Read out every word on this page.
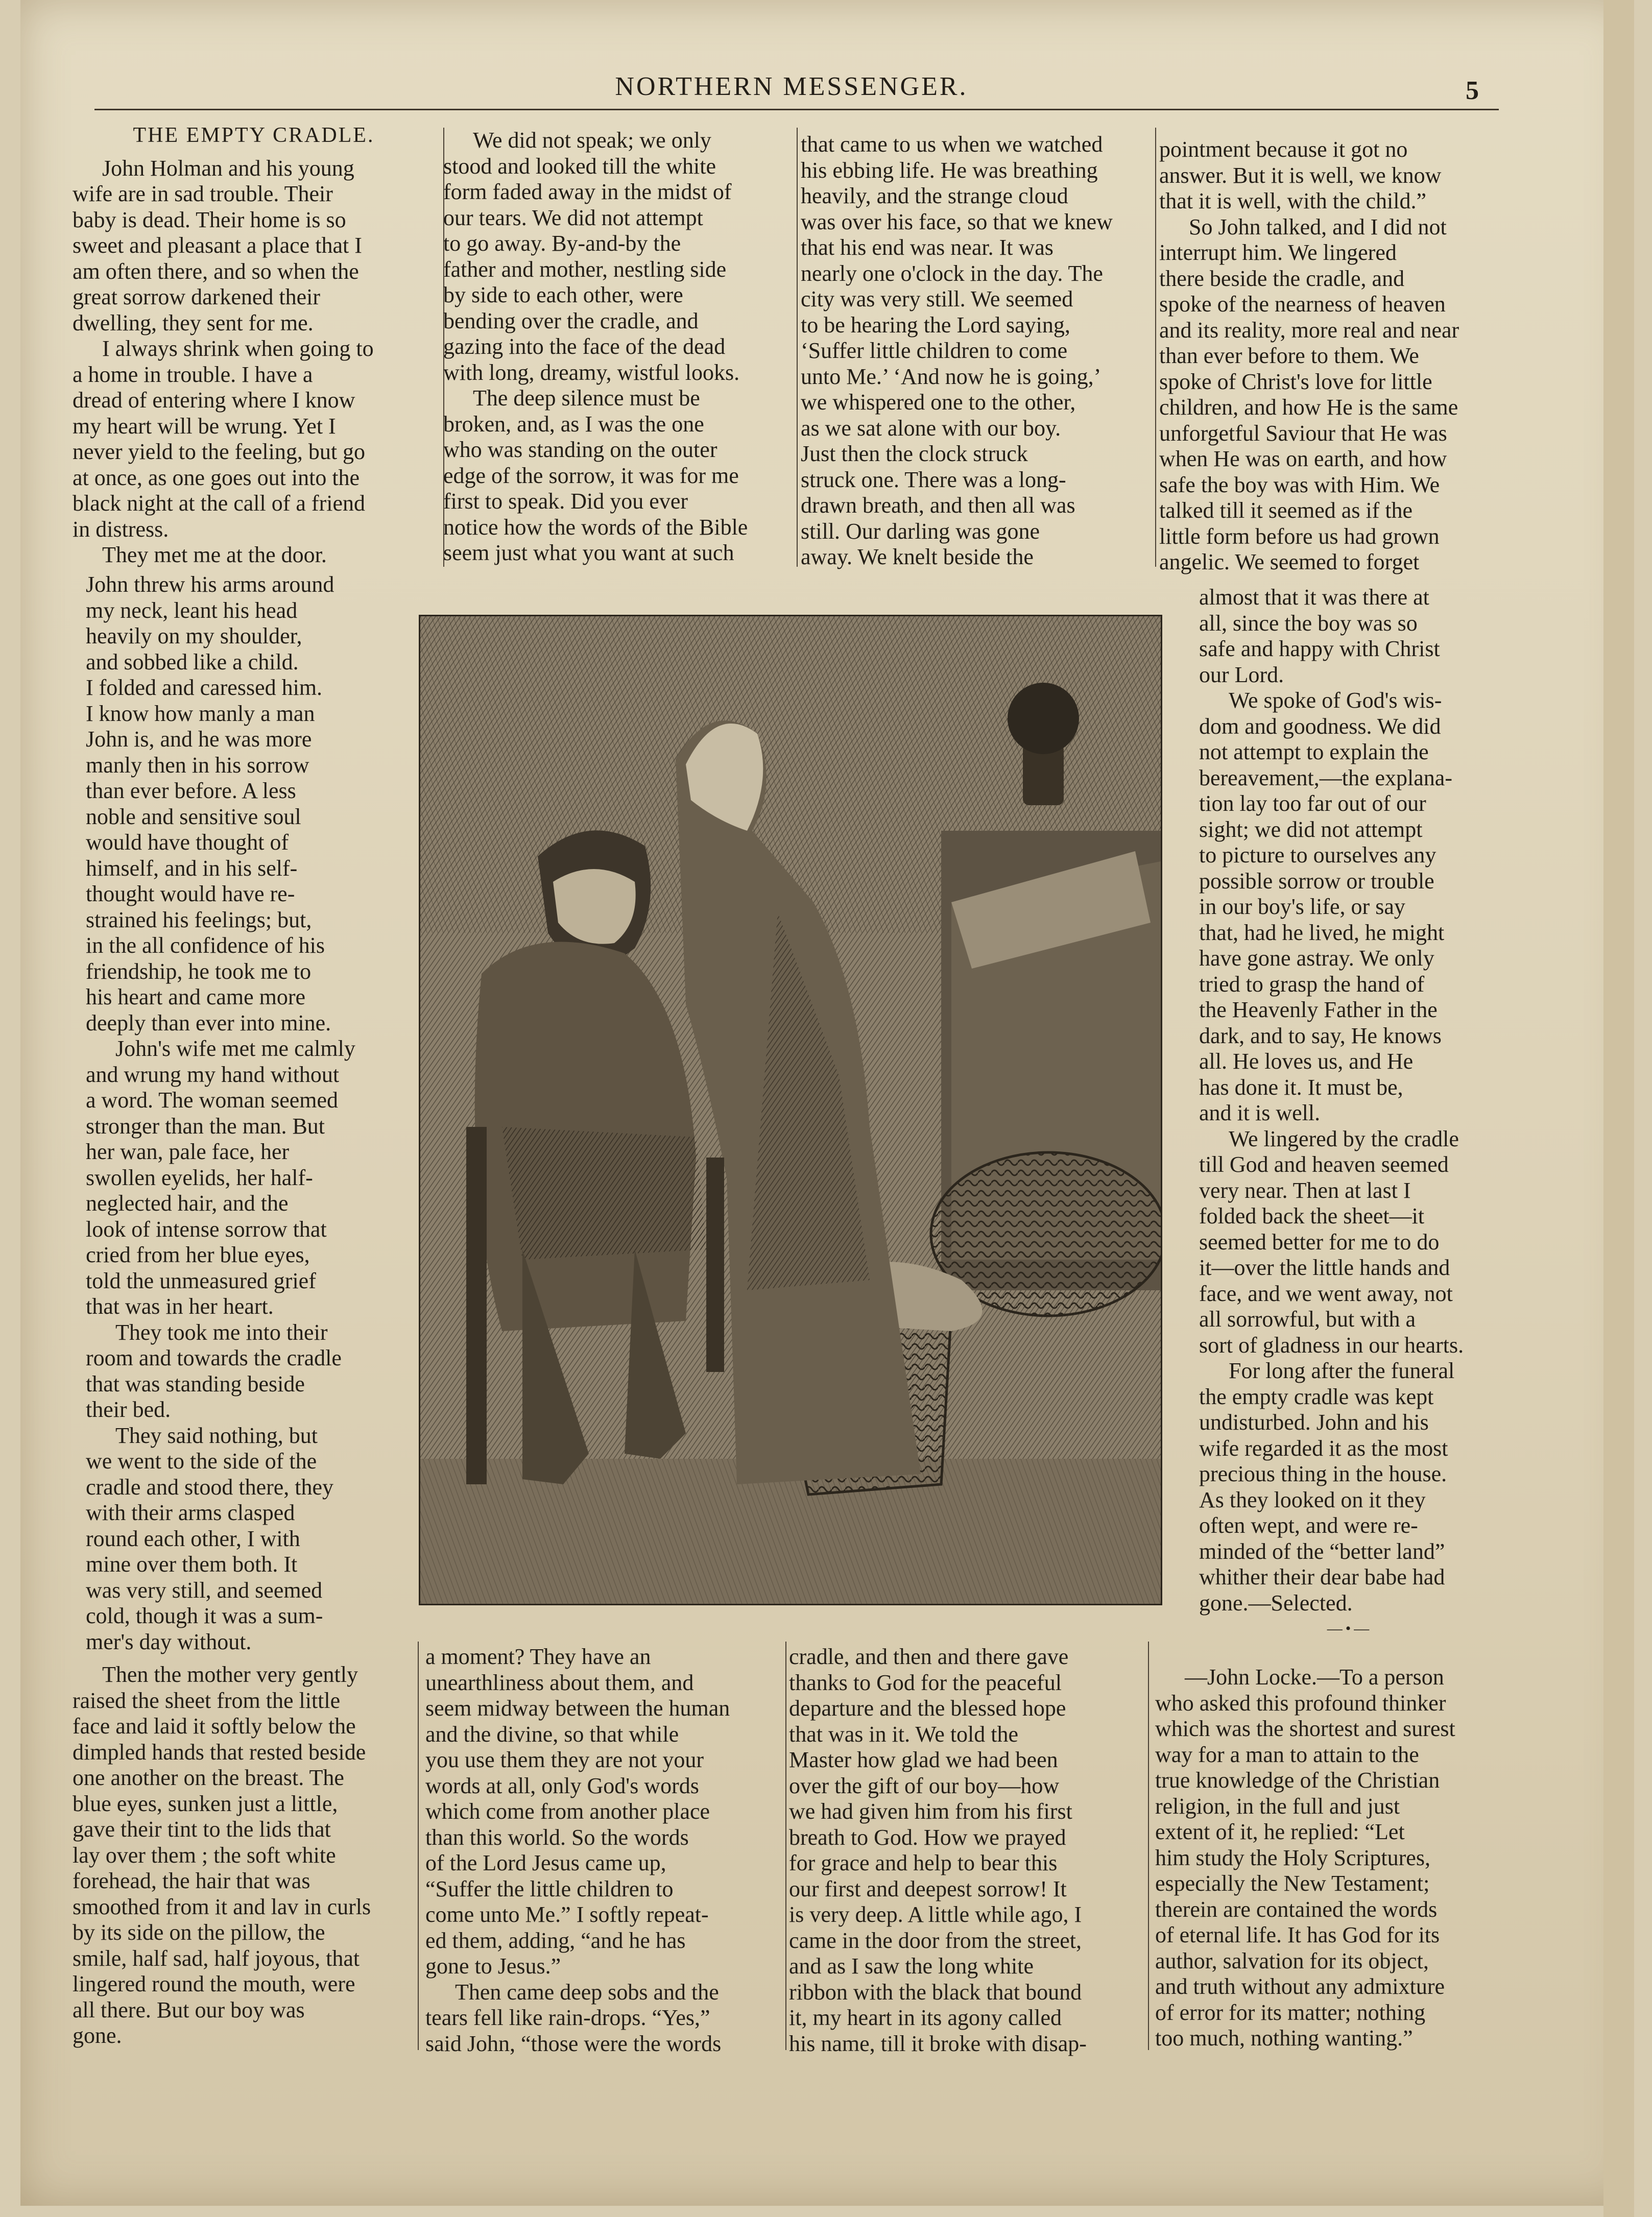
NORTHERN MESSENGER.	5
THE EMPTY CRADLE.
John Holman and his young
wife are in sad trouble. Their
baby is dead. Their home is so
sweet and pleasant a place that I
am often there, and so when the
great sorrow darkened their
dwelling, they sent for me.
I always shrink when going to
a home in trouble. I have a
dread of entering where I know
my heart will be wrung. Yet I
never yield to the feeling, but go
at once, as one goes out into the
black night at the call of a friend
in distress.
They met me at the door.
John threw his arms around
my neck, leant his head
heavily on my shoulder,
and sobbed like a child.
I folded and caressed him.
I know how manly a man
John is, and he was more
manly then in his sorrow
than ever before. A less
noble and sensitive soul
would have thought of
himself, and in his self-
thought would have re-
strained his feelings; but,
in the all confidence of his
friendship, he took me to
his heart and came more
deeply than ever into mine.
John's wife met me calmly
and wrung my hand without
a word. The woman seemed
stronger than the man. But
her wan, pale face, her
swollen eyelids, her half-
neglected hair, and the
look of intense sorrow that
cried from her blue eyes,
told the unmeasured grief
that was in her heart.
They took me into their
room and towards the cradle
that was standing beside
their bed.
They said nothing, but
we went to the side of the
cradle and stood there, they
with their arms clasped
round each other, I with
mine over them both. It
was very still, and seemed
cold, though it was a sum-
mer's day without.
Then the mother very gently
raised the sheet from the little
face and laid it softly below the
dimpled hands that rested beside
one another on the breast. The
blue eyes, sunken just a little,
gave their tint to the lids that
lay over them ; the soft white
forehead, the hair that was
smoothed from it and lav in curls
by its side on the pillow, the
smile, half sad, half joyous, that
lingered round the mouth, were
all there. But our boy was
gone.
We did not speak; we only
stood and looked till the white
form faded away in the midst of
our tears. We did not attempt
to go away. By-and-by the
father and mother, nestling side
by side to each other, were
bending over the cradle, and
gazing into the face of the dead
with long, dreamy, wistful looks.
The deep silence must be
broken, and, as I was the one
who was standing on the outer
edge of the sorrow, it was for me
first to speak. Did you ever
notice how the words of the Bible
seem just what you want at such
a moment? They have an
unearthliness about them, and
seem midway between the human
and the divine, so that while
you use them they are not your
words at all, only God's words
which come from another place
than this world. So the words
of the Lord Jesus came up,
“Suffer the little children to
come unto Me.” I softly repeat-
ed them, adding, “and he has
gone to Jesus.”
Then came deep sobs and the
tears fell like rain-drops. “Yes,”
said John, “those were the words
that came to us when we watched
his ebbing life. He was breathing
heavily, and the strange cloud
was over his face, so that we knew
that his end was near. It was
nearly one o'clock in the day. The
city was very still. We seemed
to be hearing the Lord saying,
‘Suffer little children to come
unto Me.’ ‘And now he is going,’
we whispered one to the other,
as we sat alone with our boy.
Just then the clock struck
struck one. There was a long-
drawn breath, and then all was
still. Our darling was gone
away. We knelt beside the
cradle, and then and there gave
thanks to God for the peaceful
departure and the blessed hope
that was in it. We told the
Master how glad we had been
over the gift of our boy—how
we had given him from his first
breath to God. How we prayed
for grace and help to bear this
our first and deepest sorrow! It
is very deep. A little while ago, I
came in the door from the street,
and as I saw the long white
ribbon with the black that bound
it, my heart in its agony called
his name, till it broke with disap-
pointment because it got no
answer. But it is well, we know
that it is well, with the child.”
So John talked, and I did not
interrupt him. We lingered
there beside the cradle, and
spoke of the nearness of heaven
and its reality, more real and near
than ever before to them. We
spoke of Christ's love for little
children, and how He is the same
unforgetful Saviour that He was
when He was on earth, and how
safe the boy was with Him. We
talked till it seemed as if the
little form before us had grown
angelic. We seemed to forget
almost that it was there at
all, since the boy was so
safe and happy with Christ
our Lord.
We spoke of God's wis-
dom and goodness. We did
not attempt to explain the
bereavement,—the explana-
tion lay too far out of our
sight; we did not attempt
to picture to ourselves any
possible sorrow or trouble
in our boy's life, or say
that, had he lived, he might
have gone astray. We only
tried to grasp the hand of
the Heavenly Father in the
dark, and to say, He knows
all. He loves us, and He
has done it. It must be,
and it is well.
We lingered by the cradle
till God and heaven seemed
very near. Then at last I
folded back the sheet—it
seemed better for me to do
it—over the little hands and
face, and we went away, not
all sorrowful, but with a
sort of gladness in our hearts.
For long after the funeral
the empty cradle was kept
undisturbed. John and his
wife regarded it as the most
precious thing in the house.
As they looked on it they
often wept, and were re-
minded of the “better land”
whither their dear babe had
gone.—Selected.
—•—
—John Locke.—To a person
who asked this profound thinker
which was the shortest and surest
way for a man to attain to the
true knowledge of the Christian
religion, in the full and just
extent of it, he replied: “Let
him study the Holy Scriptures,
especially the New Testament;
therein are contained the words
of eternal life. It has God for its
author, salvation for its object,
and truth without any admixture
of error for its matter; nothing
too much, nothing wanting.”
